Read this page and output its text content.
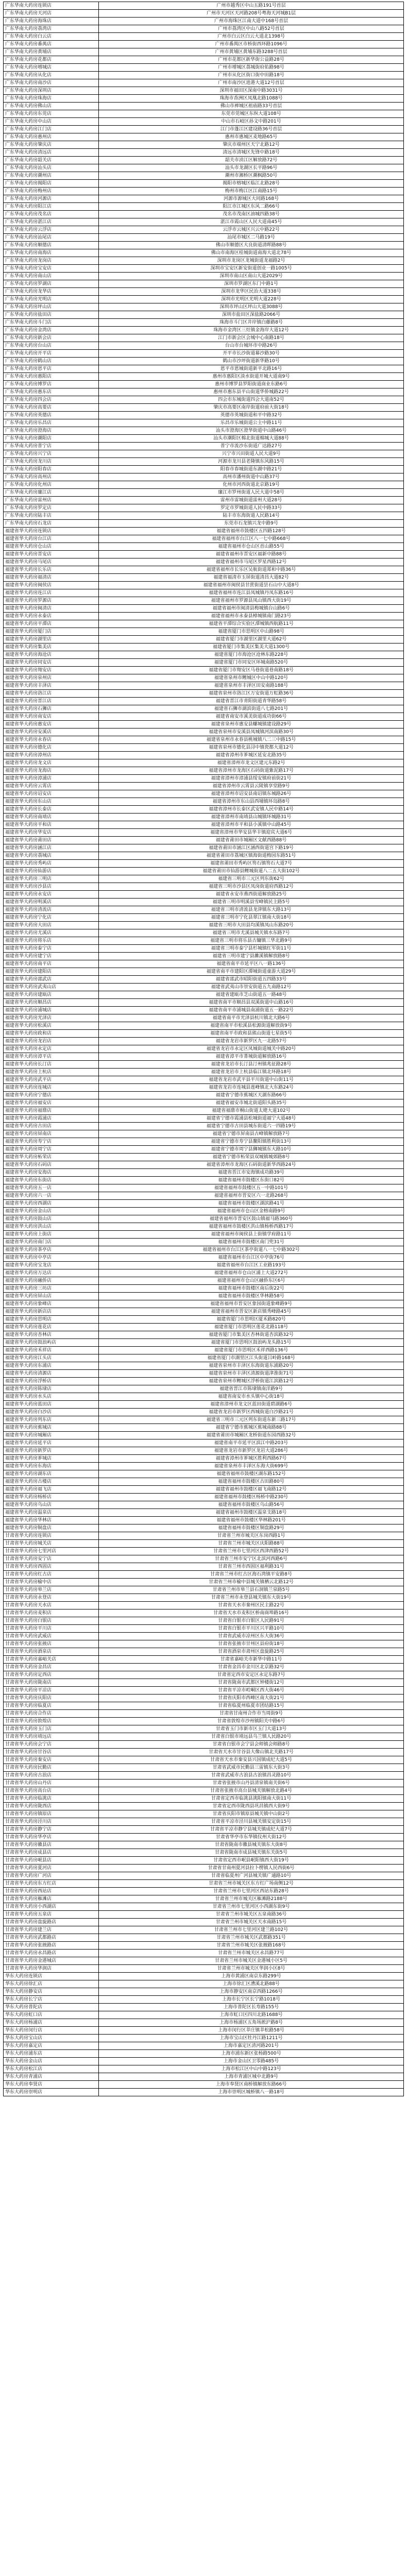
广东华南大药房连锁店	广州市越秀区中山五路191号首层
广东华南大药房天河店	广州市天河区天河路208号粤海天河城B1层
广东华南大药房海珠店	广州市海珠区江南大道中168号首层
广东华南大药房荔湾店	广州市荔湾区中山八路52号首层
广东华南大药房白云店	广州市白云区白云大道北1398号
广东华南大药房番禺店	广州市番禺区市桥街西环路1096号
广东华南大药房黄埔店	广州市黄埔区黄埔东路3288号首层
广东华南大药房花都店	广州市花都区新华街公益路28号
广东华南大药房增城店	广州市增城区荔城街府佑路98号
广东华南大药房从化店	广州市从化区街口街中田路18号
广东华南大药房南沙店	广州市南沙区进港大道12号首层
广东华南大药房深圳店	深圳市福田区深南中路3031号
广东华南大药房珠海店	珠海市香洲区凤凰北路1088号
广东华南大药房佛山店	佛山市禅城区祖庙路33号首层
广东华南大药房东莞店	东莞市莞城区东纵大道108号
广东华南大药房中山店	中山市石岐区孙文中路201号
广东华南大药房江门店	江门市蓬江区建设路36号首层
广东华南大药房惠州店	惠州市惠城区麦地路65号
广东华南大药房肇庆店	肇庆市端州区天宁北路12号
广东华南大药房清远店	清远市清城区先锋中路18号
广东华南大药房韶关店	韶关市浈江区解放路72号
广东华南大药房汕头店	汕头市龙湖区长平路96号
广东华南大药房潮州店	潮州市湘桥区潮枫路50号
广东华南大药房揭阳店	揭阳市榕城区临江北路28号
广东华南大药房梅州店	梅州市梅江区江南路15号
广东华南大药房河源店	河源市源城区大同路168号
广东华南大药房阳江店	阳江市江城区东风二路66号
广东华南大药房茂名店	茂名市茂南区油城四路38号
广东华南大药房湛江店	湛江市霞山区人民大道南45号
广东华南大药房云浮店	云浮市云城区兴云中路22号
广东华南大药房汕尾店	汕尾市城区二马路19号
广东华南大药房顺德店	佛山市顺德区大良街道清晖路88号
广东华南大药房南海店	佛山市南海区桂城街道南海大道北78号
广东华南大药房龙岗店	深圳市龙岗区龙城街道龙福路2号
广东华南大药房宝安店	深圳市宝安区新安街道创业一路1005号
广东华南大药房南山店	深圳市南山区南山大道2029号
广东华南大药房罗湖店	深圳市罗湖区东门中路1号
广东华南大药房龙华店	深圳市龙华区民治大道338号
广东华南大药房光明店	深圳市光明区光明大道228号
广东华南大药房坪山店	深圳市坪山区坪山大道3088号
广东华南大药房盐田店	深圳市盐田区深盐路2066号
广东华南大药房斗门店	珠海市斗门区井岸镇白藤路8号
广东华南大药房金湾店	珠海市金湾区三灶镇金海岸大道12号
广东华南大药房新会店	江门市新会区会城中心南路18号
广东华南大药房台山店	台山市台城环市中路26号
广东华南大药房开平店	开平市长沙街道幕沙路30号
广东华南大药房鹤山店	鹤山市沙坪街道新华路10号
广东华南大药房恩平店	恩平市恩城街道新平北路16号
广东华南大药房惠阳店	惠州市惠阳区淡水街道开城大道南9号
广东华南大药房博罗店	惠州市博罗县罗阳街道商业东路6号
广东华南大药房惠东店	惠州市惠东县平山街道华侨城路22号
广东华南大药房四会店	四会市东城街道四会大道南52号
广东华南大药房高要店	肇庆市高要区南岸街道府前大街18号
广东华南大药房英德店	英德市英城街道和平中路32号
广东华南大药房乐昌店	乐昌市乐城街道公主中路11号
广东华南大药房澄海店	汕头市澄海区澄华街道中山路46号
广东华南大药房潮阳店	汕头市潮阳区棉北街道棉城大道88号
广东华南大药房普宁店	普宁市流沙东街道广达路27号
广东华南大药房兴宁店	兴宁市兴田街道人民大道9号
广东华南大药房龙川店	河源市龙川县老隆镇东风路15号
广东华南大药房阳春店	阳春市春城街道东湖中路21号
广东华南大药房高州店	高州市潘州街道中山路37号
广东华南大药房化州店	化州市河西街道北京路19号
广东华南大药房廉江店	廉江市罗州街道人民大道中58号
广东华南大药房雷州店	雷州市雷城街道雷州大道28号
广东华南大药房罗定店	罗定市罗城街道人民中路33号
广东华南大药房陆丰店	陆丰市东海街道人民路14号
广东华南大药房石龙店	东莞市石龙镇兴龙中路9号
福建省华大药房连锁店	福建省福州市鼓楼区五四路128号
福建省华大药房台江店	福建省福州市台江区八一七中路668号
福建省华大药房仓山店	福建省福州市仓山区首山路55号
福建省华大药房晋安店	福建省福州市晋安区福新中路88号
福建省华大药房马尾店	福建省福州市马尾区罗星西路12号
福建省华大药房长乐店	福建省福州市长乐区吴航街道郑和中路36号
福建省华大药房福清店	福建省福清市玉屏街道清昌大道82号
福建省华大药房闽侯店	福建省福州市闽侯县甘蔗街道昙石山中大道8号
福建省华大药房连江店	福建省福州市连江县凤城镇丹凤东路16号
福建省华大药房罗源店	福建省福州市罗源县凤山镇西大街19号
福建省华大药房闽清店	福建省福州市闽清县梅城镇台山路6号
福建省华大药房永泰店	福建省福州市永泰县樟城镇南门路23号
福建省华大药房平潭店	福建省平潭综合实验区潭城镇西航路11号
福建省华大药房厦门店	福建省厦门市思明区中山路98号
福建省华大药房湖里店	福建省厦门市湖里区湖里大道62号
福建省华大药房集美店	福建省厦门市集美区集美大道1300号
福建省华大药房海沧店	福建省厦门市海沧区沧林东路228号
福建省华大药房同安店	福建省厦门市同安区环城南路520号
福建省华大药房翔安店	福建省厦门市翔安区马巷街道巷南路18号
福建省华大药房泉州店	福建省泉州市鲤城区中山中路120号
福建省华大药房丰泽店	福建省泉州市丰泽区田安南路188号
福建省华大药房洛江店	福建省泉州市洛江区万安街道万虹路36号
福建省华大药房晋江店	福建省晋江市青阳街道青华路58号
福建省华大药房石狮店	福建省石狮市湖滨街道八七路201号
福建省华大药房南安店	福建省南安市溪美街道成功街66号
福建省华大药房惠安店	福建省泉州市惠安县螺城镇建设路29号
福建省华大药房安溪店	福建省泉州市安溪县凤城镇河滨南路30号
福建省华大药房永春店	福建省泉州市永春县桃城镇八二三中路15号
福建省华大药房德化店	福建省泉州市德化县浔中镇瓷都大道12号
福建省华大药房漳州店	福建省漳州市芗城区延安北路35号
福建省华大药房龙文店	福建省漳州市龙文区建元东路2号
福建省华大药房龙海店	福建省漳州市龙海区石码街道紫泥路17号
福建省华大药房漳浦店	福建省漳州市漳浦县绥安镇府前街21号
福建省华大药房云霄店	福建省漳州市云霄县云陵镇享堂路9号
福建省华大药房诏安店	福建省漳州市诏安县南诏镇东城路26号
福建省华大药房东山店	福建省漳州市东山县西埔镇环岛路8号
福建省华大药房长泰店	福建省漳州市长泰区武安镇人民中路14号
福建省华大药房南靖店	福建省漳州市南靖县山城镇环城路31号
福建省华大药房平和店	福建省漳州市平和县小溪镇中山路45号
福建省华大药房华安店	福建省漳州市华安县华丰镇迎宾大道6号
福建省华大药房莆田店	福建省莆田市城厢区文献西路88号
福建省华大药房涵江店	福建省莆田市涵江区涵西街道宫下路19号
福建省华大药房荔城店	福建省莆田市荔城区镇海街道梅园东路51号
福建省华大药房秀屿店	福建省莆田市秀屿区笏石镇笏石大道7号
福建省华大药房仙游店	福建省莆田市仙游县鲤城街道八二五大街102号
福建省华大药房三明店	福建省三明市三元区列东街62号
福建省华大药房沙县店	福建省三明市沙县区凤岗街道府西路12号
福建省华大药房永安店	福建省永安市燕西街道解放路25号
福建省华大药房明溪店	福建省三明市明溪县雪峰镇民主路5号
福建省华大药房清流店	福建省三明市清流县龙津镇东大路13号
福建省华大药房宁化店	福建省三明市宁化县翠江镇南大街18号
福建省华大药房大田店	福建省三明市大田县均溪镇凤山东路20号
福建省华大药房尤溪店	福建省三明市尤溪县城关镇水东路7号
福建省华大药房将乐店	福建省三明市将乐县古镛镇三华北路9号
福建省华大药房泰宁店	福建省三明市泰宁县杉城镇红军街11号
福建省华大药房建宁店	福建省三明市建宁县濉溪镇解放路8号
福建省华大药房南平店	福建省南平市延平区八一路136号
福建省华大药房建阳店	福建省南平市建阳区潭城街道童游大道29号
福建省华大药房邵武店	福建省邵武市昭阳街道五四路33号
福建省华大药房武夷山店	福建省武夷山市崇安街道五九南路12号
福建省华大药房建瓯店	福建省建瓯市芝山街道五一路48号
福建省华大药房顺昌店	福建省南平市顺昌县双溪街道中山路16号
福建省华大药房浦城店	福建省南平市浦城县南浦街道五一路22号
福建省华大药房光泽店	福建省南平市光泽县杭川镇北大路6号
福建省华大药房松溪店	福建省南平市松溪县松源街道解放街9号
福建省华大药房政和店	福建省南平市政和县熊山街道七星街5号
福建省华大药房龙岩店	福建省龙岩市新罗区九一北路57号
福建省华大药房永定店	福建省龙岩市永定区凤城街道城关中路20号
福建省华大药房漳平店	福建省漳平市菁城街道解放路16号
福建省华大药房长汀店	福建省龙岩市长汀县汀州镇兆征路28号
福建省华大药房上杭店	福建省龙岩市上杭县临江镇北环路18号
福建省华大药房武平店	福建省龙岩市武平县平川街道中山街11号
福建省华大药房连城店	福建省龙岩市连城县莲峰镇北大东路24号
福建省华大药房宁德店	福建省宁德市蕉城区天湖东路66号
福建省华大药房福安店	福建省福安市城北街道阳头路35号
福建省华大药房福鼎店	福建省福鼎市桐山街道太姥大道102号
福建省华大药房霞浦店	福建省宁德市霞浦县松城街道福宁大道48号
福建省华大药房古田店	福建省宁德市古田县城东街道六一四路19号
福建省华大药房屏南店	福建省宁德市屏南县古峰镇解放路7号
福建省华大药房寿宁店	福建省宁德市寿宁县鳌阳镇胜利街13号
福建省华大药房周宁店	福建省宁德市周宁县狮城镇东大路10号
福建省华大药房柘荣店	福建省宁德市柘荣县双城镇城郊路8号
福建省华大药房石码店	福建省漳州市龙海区石码街道新华西路24号
福建省华大药房安海店	福建省晋江市安海镇成功路39号
福建省华大药房东街店	福建省福州市鼓楼区东街口82号
福建省华大药房五一店	福建省福州市鼓楼区五一中路101号
福建省华大药房六一店	福建省福州市晋安区六一北路268号
福建省华大药房西湖店	福建省福州市鼓楼区湖滨路41号
福建省华大药房金山店	福建省福州市仓山区金榕南路9号
福建省华大药房鼓山店	福建省福州市晋安区鼓山镇福马路360号
福建省华大药房洪山店	福建省福州市鼓楼区洪山镇杨桥西路17号
福建省华大药房上街店	福建省福州市闽侯县上街镇学府路11号
福建省华大药房南门店	福建省福州市鼓楼区南门兜31号
福建省华大药房茶亭店	福建省福州市台江区茶亭街道八一七中路302号
福建省华大药房中亭店	福建省福州市台江区中亭街76号
福建省华大药房宝龙店	福建省福州市台江区工业路193号
福建省华大药房万达店	福建省福州市仓山区浦上大道272号
福建省华大药房融侨店	福建省福州市仓山区融侨东区6号
福建省华大药房三坊店	福建省福州市鼓楼区南后街22号
福建省华大药房屏山店	福建省福州市鼓楼区华林路58号
福建省华大药房象峰店	福建省福州市晋安区象园街道象峰路9号
福建省华大药房新店店	福建省福州市晋安区新店镇秀峰路45号
福建省华大药房思明店	福建省厦门市思明区厦禾路820号
福建省华大药房莲花店	福建省厦门市思明区莲花北路118号
福建省华大药房杏林店	福建省厦门市集美区杏林街道杏滨路32号
福建省华大药房鼓浪屿店	福建省厦门市思明区鼓浪屿龙头路15号
福建省华大药房禾祥店	福建省厦门市思明区禾祥西路136号
福建省华大药房江头店	福建省厦门市湖里区江头街道吕岭路168号
福建省华大药房东浦店	福建省泉州市丰泽区东海街道东浦路20号
福建省华大药房清源店	福建省泉州市丰泽区清源街道津淮街71号
福建省华大药房浮桥店	福建省泉州市鲤城区浮桥街道江滨路12号
福建省华大药房陈埭店	福建省晋江市陈埭镇南洋路9号
福建省华大药房水头店	福建省南安市水头镇中心街18号
福建省华大药房蓝田店	福建省漳州市龙文区蓝田街道碧湖路6号
福建省华大药房白沙店	福建省龙岩市新罗区西城街道白沙路21号
福建省华大药房列东店	福建省三明市三元区列东街道东新三路17号
福建省华大药房蕉城店	福建省宁德市蕉城区蕉城南路88号
福建省华大药房城厢店	福建省莆田市城厢区龙桥街道东园西路32号
福建省华大药房延平店	福建省南平市延平区滨江中路203号
福建省华大药房新罗店	福建省龙岩市新罗区龙岩大道286号
福建省华大药房芗城店	福建省漳州市芗城区胜利西路67号
福建省华大药房东海店	福建省泉州市丰泽区东海大街699号
福建省华大药房湖东店	福建省福州市鼓楼区湖东路152号
福建省华大药房古楼店	福建省福州市鼓楼区古田路80号
福建省华大药房福飞店	福建省福州市鼓楼区福飞南路12号
福建省华大药房杨桥店	福建省福州市鼓楼区杨桥中路230号
福建省华大药房乌山店	福建省福州市鼓楼区乌山路56号
福建省华大药房温泉店	福建省福州市鼓楼区温泉支路18号
福建省华大药房华林店	福建省福州市鼓楼区华林路201号
福建省华大药房铜盘店	福建省福州市鼓楼区铜盘路29号
甘肃省华大药房连锁店	甘肃省兰州市城关区东岗西路1号
甘肃省华大药房城关店	甘肃省兰州市城关区庆阳路88号
甘肃省华大药房七里河店	甘肃省兰州市七里河区西津西路52号
甘肃省华大药房安宁店	甘肃省兰州市安宁区北滨河西路6号
甘肃省华大药房西固店	甘肃省兰州市西固区福利路31号
甘肃省华大药房红古店	甘肃省兰州市红古区海石湾镇平安路8号
甘肃省华大药房榆中店	甘肃省兰州市榆中县城关镇栖云北路12号
甘肃省华大药房皋兰店	甘肃省兰州市皋兰县石洞镇兰泉路5号
甘肃省华大药房永登店	甘肃省兰州市永登县城关镇东大街19号
甘肃省华大药房天水店	甘肃省天水市秦州区民主路22号
甘肃省华大药房麦积店	甘肃省天水市麦积区桥南商埠路16号
甘肃省华大药房白银店	甘肃省白银市白银区人民路91号
甘肃省华大药房平川店	甘肃省白银市平川区兴平路10号
甘肃省华大药房武威店	甘肃省武威市凉州区东大街36号
甘肃省华大药房张掖店	甘肃省张掖市甘州区县府街18号
甘肃省华大药房酒泉店	甘肃省酒泉市肃州区盘旋路25号
甘肃省华大药房嘉峪关店	甘肃省嘉峪关市新华中路11号
甘肃省华大药房金昌店	甘肃省金昌市金川区北京路32号
甘肃省华大药房定西店	甘肃省定西市安定区永定东路7号
甘肃省华大药房陇南店	甘肃省陇南市武都区钟楼街12号
甘肃省华大药房平凉店	甘肃省平凉市崆峒区西大街46号
甘肃省华大药房庆阳店	甘肃省庆阳市西峰区南大街21号
甘肃省华大药房临夏店	甘肃省临夏州临夏市团结路15号
甘肃省华大药房合作店	甘肃省甘南州合作市当周街9号
甘肃省华大药房敦煌店	甘肃省敦煌市沙州镇阳关中路6号
甘肃省华大药房玉门店	甘肃省玉门市新市区玉门大道13号
甘肃省华大药房靖远店	甘肃省白银市靖远县乌兰镇人民路20号
甘肃省华大药房会宁店	甘肃省白银市会宁县会师镇会师路8号
甘肃省华大药房甘谷店	甘肃省天水市甘谷县大像山镇北关路17号
甘肃省华大药房秦安店	甘肃省天水市秦安县兴国镇成纪大道5号
甘肃省华大药房民勤店	甘肃省武威市民勤县三雷镇东大街3号
甘肃省华大药房古浪店	甘肃省武威市古浪县古浪镇昌灵路10号
甘肃省华大药房山丹店	甘肃省张掖市山丹县清泉镇南关街6号
甘肃省华大药房高台店	甘肃省张掖市高台县城关镇解放北路4号
甘肃省华大药房临洮店	甘肃省定西市临洮县洮阳镇南大街11号
甘肃省华大药房陇西店	甘肃省定西市陇西县巩昌镇西大街9号
甘肃省华大药房镇原店	甘肃省庆阳市镇原县城关镇中山街2号
甘肃省华大药房泾川店	甘肃省平凉市泾川县城关镇安定街15号
甘肃省华大药房静宁店	甘肃省平凉市静宁县城关镇成纪大道7号
甘肃省华大药房华亭店	甘肃省华亭市东华镇仪州大街12号
甘肃省华大药房徽县店	甘肃省陇南市徽县城关镇东大街8号
甘肃省华大药房成县店	甘肃省陇南市成县城关镇东关街5号
甘肃省华大药房岷县店	甘肃省定西市岷县岷阳镇西大街19号
甘肃省华大药房夏河店	甘肃省甘南州夏河县拉卜楞镇人民西街6号
甘肃省华大药房广河店	甘肃省临夏州广河县城关镇广通路10号
甘肃省华大药房东方红店	甘肃省兰州市城关区东方红广场南侧12号
甘肃省华大药房西站店	甘肃省兰州市七里河区西站东路28号
甘肃省华大药房雁滩店	甘肃省兰州市城关区雁滩路2188号
甘肃省华大药房小西湖店	甘肃省兰州市七里河区小西湖东街9号
甘肃省华大药房五泉店	甘肃省兰州市城关区五泉南路36号
甘肃省华大药房盘旋路店	甘肃省兰州市城关区天水南路15号
甘肃省华大药房建兰店	甘肃省兰州市七里河区建兰路102号
甘肃省华大药房武都路店	甘肃省兰州市城关区武都路351号
甘肃省华大药房张掖路店	甘肃省兰州市城关区张掖路168号
甘肃省华大药房永昌路店	甘肃省兰州市城关区永昌路77号
甘肃省华大药房金港城店	甘肃省兰州市城关区金港城小区5号
甘肃省华大药房华润店	甘肃省兰州市城关区华润小区8号
华东大药房连锁店	上海市黄浦区南京东路299号
华东大药房徐汇店	上海市徐汇区漕溪北路88号
华东大药房静安店	上海市静安区南京西路1266号
华东大药房长宁店	上海市长宁区长宁路1018号
华东大药房普陀店	上海市普陀区长寿路155号
华东大药房虹口店	上海市虹口区四川北路1688号
华东大药房杨浦店	上海市杨浦区五角场淞沪路8号
华东大药房闵行店	上海市闵行区莘庄镇莘松路58号
华东大药房宝山店	上海市宝山区牡丹江路1211号
华东大药房嘉定店	上海市嘉定区清河路201号
华东大药房浦东店	上海市浦东新区张杨路500号
华东大药房金山店	上海市金山区卫零路485号
华东大药房松江店	上海市松江区中山中路123号
华东大药房青浦店	上海市青浦区城中北路9号
华东大药房奉贤店	上海市奉贤区南桥镇解放东路66号
华东大药房崇明店	上海市崇明区城桥镇八一路18号
